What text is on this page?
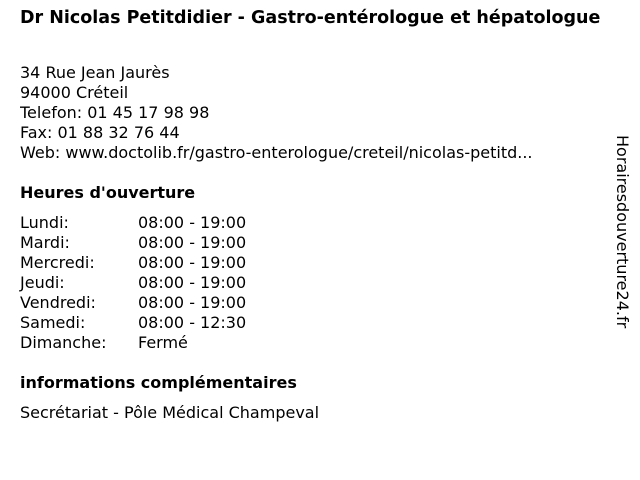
Dr Nicolas Petitdidier - Gastro-entérologue et hépatologue
34 Rue Jean Jaurès
94000 Créteil
Telefon: 01 45 17 98 98
Fax: 01 88 32 76 44
Web: www.doctolib.fr/gastro-enterologue/creteil/nicolas-petitd...
Heures d'ouverture
Lundi:	08:00 - 19:00
Mardi:	08:00 - 19:00
Mercredi:	08:00 - 19:00
Jeudi:	08:00 - 19:00
Vendredi:	08:00 - 19:00
Samedi:	08:00 - 12:30
Dimanche:	Fermé
informations complémentaires
Secrétariat - Pôle Médical Champeval
Horairesdouverture24.fr
